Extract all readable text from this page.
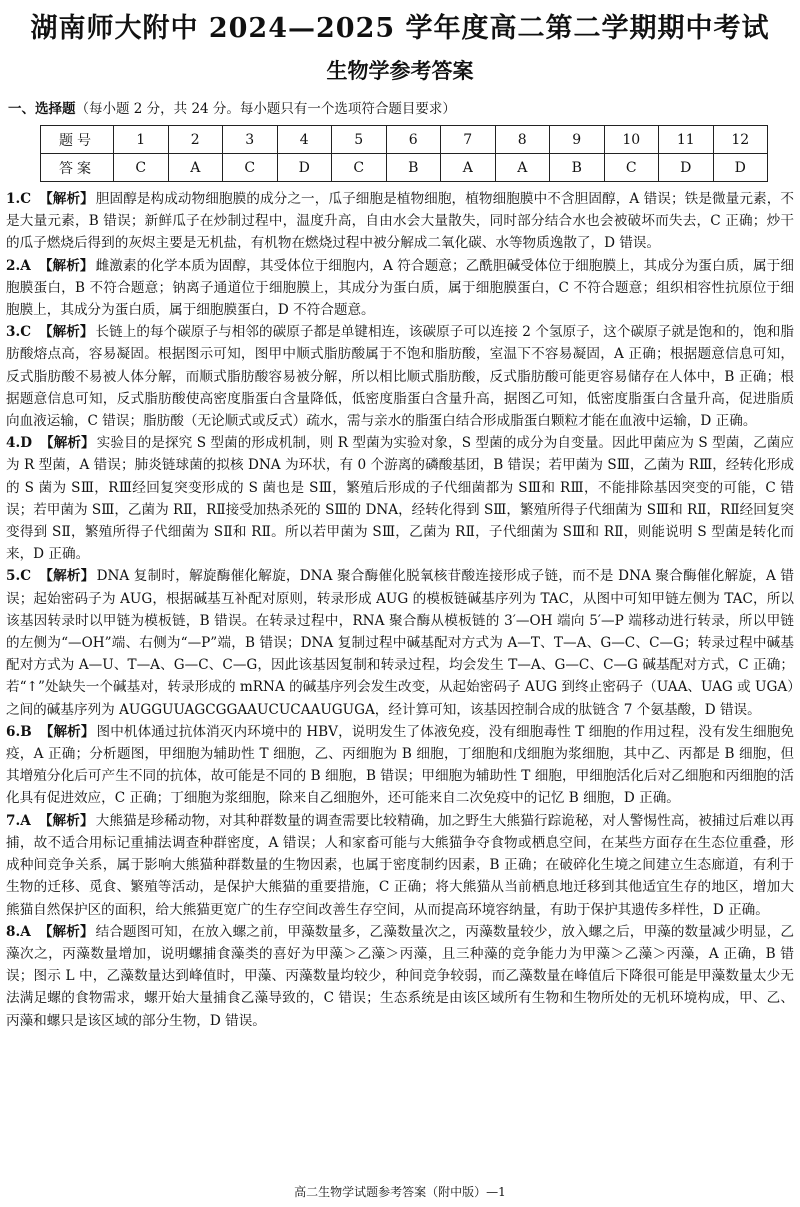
湖南师大附中 2024—2025 学年度高二第二学期期中考试
生物学参考答案
一、选择题（每小题 2 分，共 24 分。每小题只有一个选项符合题目要求）
题号	1	2	3	4	5	6	7	8	9	10	11	12
答案	C	A	C	D	C	B	A	A	B	C	D	D
1.C 【解析】 胆固醇是构成动物细胞膜的成分之一，瓜子细胞是植物细胞，植物细胞膜中不含胆固醇，A 错误；铁是微量元素，不是大量元素，B 错误；新鲜瓜子在炒制过程中，温度升高，自由水会大量散失，同时部分结合水也会被破坏而失去，C 正确；炒干的瓜子燃烧后得到的灰烬主要是无机盐，有机物在燃烧过程中被分解成二氧化碳、水等物质逸散了，D 错误。
2.A 【解析】 雌激素的化学本质为固醇，其受体位于细胞内，A 符合题意；乙酰胆碱受体位于细胞膜上，其成分为蛋白质，属于细胞膜蛋白，B 不符合题意；钠离子通道位于细胞膜上，其成分为蛋白质，属于细胞膜蛋白，C 不符合题意；组织相容性抗原位于细胞膜上，其成分为蛋白质，属于细胞膜蛋白，D 不符合题意。
3.C 【解析】 长链上的每个碳原子与相邻的碳原子都是单键相连，该碳原子可以连接 2 个氢原子，这个碳原子就是饱和的，饱和脂肪酸熔点高，容易凝固。根据图示可知，图甲中顺式脂肪酸属于不饱和脂肪酸，室温下不容易凝固，A 正确；根据题意信息可知，反式脂肪酸不易被人体分解，而顺式脂肪酸容易被分解，所以相比顺式脂肪酸，反式脂肪酸可能更容易储存在人体中，B 正确；根据题意信息可知，反式脂肪酸使高密度脂蛋白含量降低，低密度脂蛋白含量升高，据图乙可知，低密度脂蛋白含量升高，促进脂质向血液运输，C 错误；脂肪酸（无论顺式或反式）疏水，需与亲水的脂蛋白结合形成脂蛋白颗粒才能在血液中运输，D 正确。
4.D 【解析】 实验目的是探究 S 型菌的形成机制，则 R 型菌为实验对象，S 型菌的成分为自变量。因此甲菌应为 S 型菌，乙菌应为 R 型菌，A 错误；肺炎链球菌的拟核 DNA 为环状，有 0 个游离的磷酸基团，B 错误；若甲菌为 SⅢ，乙菌为 RⅢ，经转化形成的 S 菌为 SⅢ，RⅢ经回复突变形成的 S 菌也是 SⅢ，繁殖后形成的子代细菌都为 SⅢ和 RⅢ，不能排除基因突变的可能，C 错误；若甲菌为 SⅢ，乙菌为 RⅡ，RⅡ接受加热杀死的 SⅢ的 DNA，经转化得到 SⅢ，繁殖所得子代细菌为 SⅢ和 RⅡ，RⅡ经回复突变得到 SⅡ，繁殖所得子代细菌为 SⅡ和 RⅡ。所以若甲菌为 SⅢ，乙菌为 RⅡ，子代细菌为 SⅢ和 RⅡ，则能说明 S 型菌是转化而来，D 正确。
5.C 【解析】 DNA 复制时，解旋酶催化解旋，DNA 聚合酶催化脱氧核苷酸连接形成子链，而不是 DNA 聚合酶催化解旋，A 错误；起始密码子为 AUG，根据碱基互补配对原则，转录形成 AUG 的模板链碱基序列为 TAC，从图中可知甲链左侧为 TAC，所以该基因转录时以甲链为模板链，B 错误。在转录过程中，RNA 聚合酶从模板链的 3′—OH 端向 5′—P 端移动进行转录，所以甲链的左侧为“—OH”端、右侧为“—P”端，B 错误；DNA 复制过程中碱基配对方式为 A—T、T—A、G—C、C—G；转录过程中碱基配对方式为 A—U、T—A、G—C、C—G，因此该基因复制和转录过程，均会发生 T—A、G—C、C—G 碱基配对方式，C 正确；若“↑”处缺失一个碱基对，转录形成的 mRNA 的碱基序列会发生改变，从起始密码子 AUG 到终止密码子（UAA、UAG 或 UGA）之间的碱基序列为 AUGGUUAGCGGAAUCUCAAUGUGA，经计算可知，该基因控制合成的肽链含 7 个氨基酸，D 错误。
6.B 【解析】 图中机体通过抗体消灭内环境中的 HBV，说明发生了体液免疫，没有细胞毒性 T 细胞的作用过程，没有发生细胞免疫，A 正确；分析题图，甲细胞为辅助性 T 细胞，乙、丙细胞为 B 细胞，丁细胞和戊细胞为浆细胞，其中乙、丙都是 B 细胞，但其增殖分化后可产生不同的抗体，故可能是不同的 B 细胞，B 错误；甲细胞为辅助性 T 细胞，甲细胞活化后对乙细胞和丙细胞的活化具有促进效应，C 正确；丁细胞为浆细胞，除来自乙细胞外，还可能来自二次免疫中的记忆 B 细胞，D 正确。
7.A 【解析】 大熊猫是珍稀动物，对其种群数量的调查需要比较精确，加之野生大熊猫行踪诡秘，对人警惕性高，被捕过后难以再捕，故不适合用标记重捕法调查种群密度，A 错误；人和家畜可能与大熊猫争夺食物或栖息空间，在某些方面存在生态位重叠，形成种间竞争关系，属于影响大熊猫种群数量的生物因素，也属于密度制约因素，B 正确；在破碎化生境之间建立生态廊道，有利于生物的迁移、觅食、繁殖等活动，是保护大熊猫的重要措施，C 正确；将大熊猫从当前栖息地迁移到其他适宜生存的地区，增加大熊猫自然保护区的面积，给大熊猫更宽广的生存空间改善生存空间，从而提高环境容纳量，有助于保护其遗传多样性，D 正确。
8.A 【解析】 结合题图可知，在放入螺之前，甲藻数量多，乙藻数量次之，丙藻数量较少，放入螺之后，甲藻的数量减少明显，乙藻次之，丙藻数量增加，说明螺捕食藻类的喜好为甲藻＞乙藻＞丙藻，且三种藻的竞争能力为甲藻＞乙藻＞丙藻，A 正确，B 错误；图示 L 中，乙藻数量达到峰值时，甲藻、丙藻数量均较少，种间竞争较弱，而乙藻数量在峰值后下降很可能是甲藻数量太少无法满足螺的食物需求，螺开始大量捕食乙藻导致的，C 错误；生态系统是由该区域所有生物和生物所处的无机环境构成，甲、乙、丙藻和螺只是该区域的部分生物，D 错误。
高二生物学试题参考答案（附中版）—1
